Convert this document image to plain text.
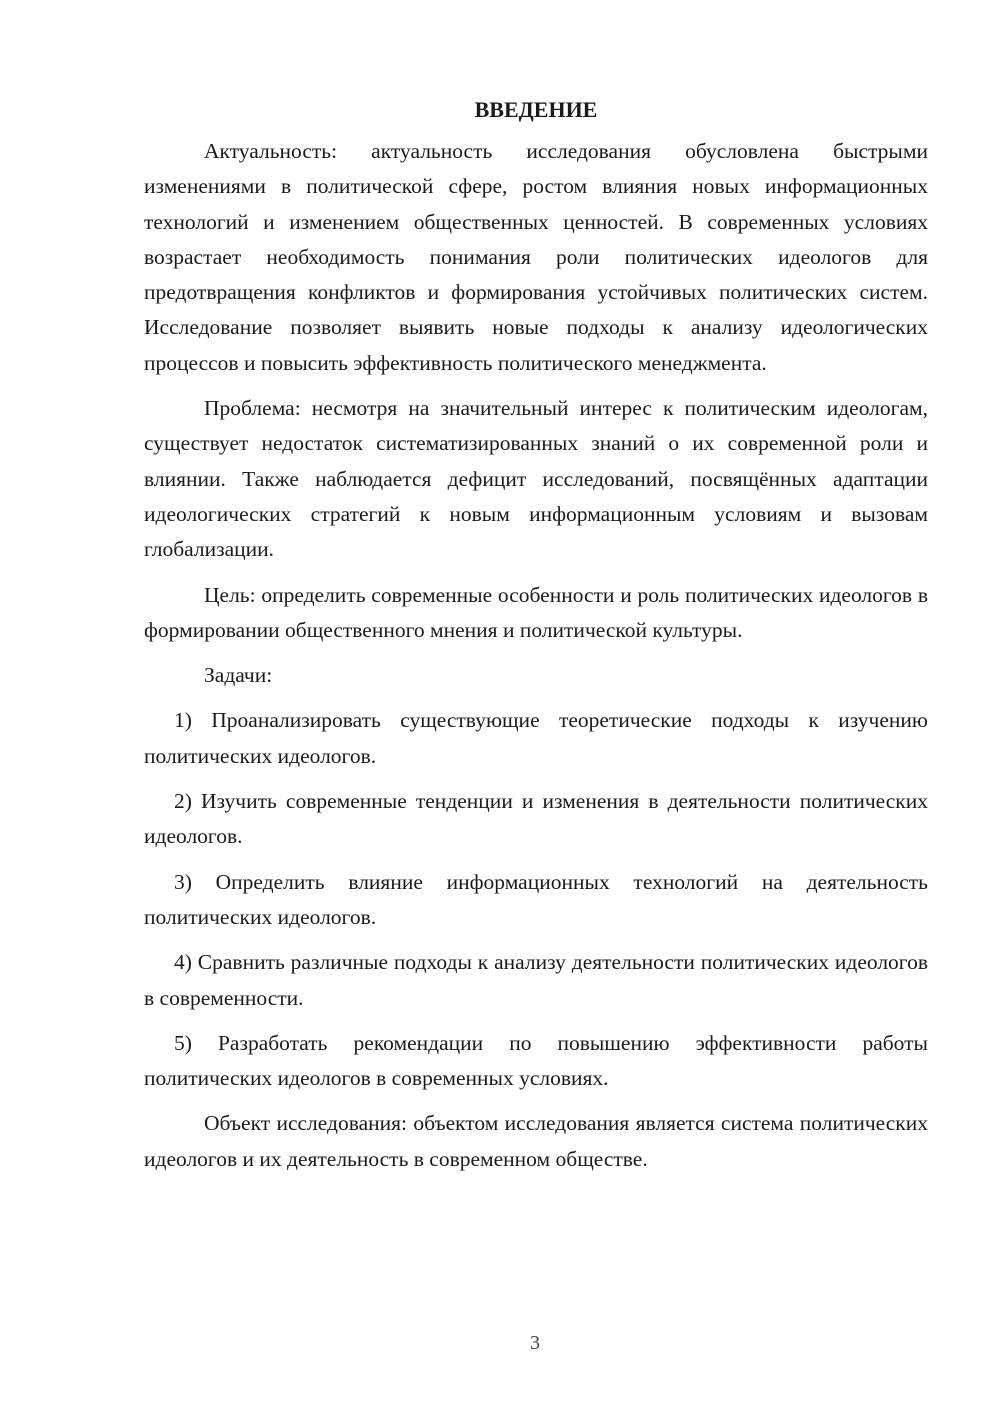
ВВЕДЕНИЕ

Актуальность: актуальность исследования обусловлена быстрыми изменениями в политической сфере, ростом влияния новых информационных технологий и изменением общественных ценностей. В современных условиях возрастает необходимость понимания роли политических идеологов для предотвращения конфликтов и формирования устойчивых политических систем. Исследование позволяет выявить новые подходы к анализу идеологических процессов и повысить эффективность политического менеджмента.

Проблема: несмотря на значительный интерес к политическим идеологам, существует недостаток систематизированных знаний о их современной роли и влиянии. Также наблюдается дефицит исследований, посвящённых адаптации идеологических стратегий к новым информационным условиям и вызовам глобализации.

Цель: определить современные особенности и роль политических идеологов в формировании общественного мнения и политической культуры.

Задачи:

1) Проанализировать существующие теоретические подходы к изучению политических идеологов.

2) Изучить современные тенденции и изменения в деятельности политических идеологов.

3) Определить влияние информационных технологий на деятельность политических идеологов.

4) Сравнить различные подходы к анализу деятельности политических идеологов в современности.

5) Разработать рекомендации по повышению эффективности работы политических идеологов в современных условиях.

Объект исследования: объектом исследования является система политических идеологов и их деятельность в современном обществе.

3
